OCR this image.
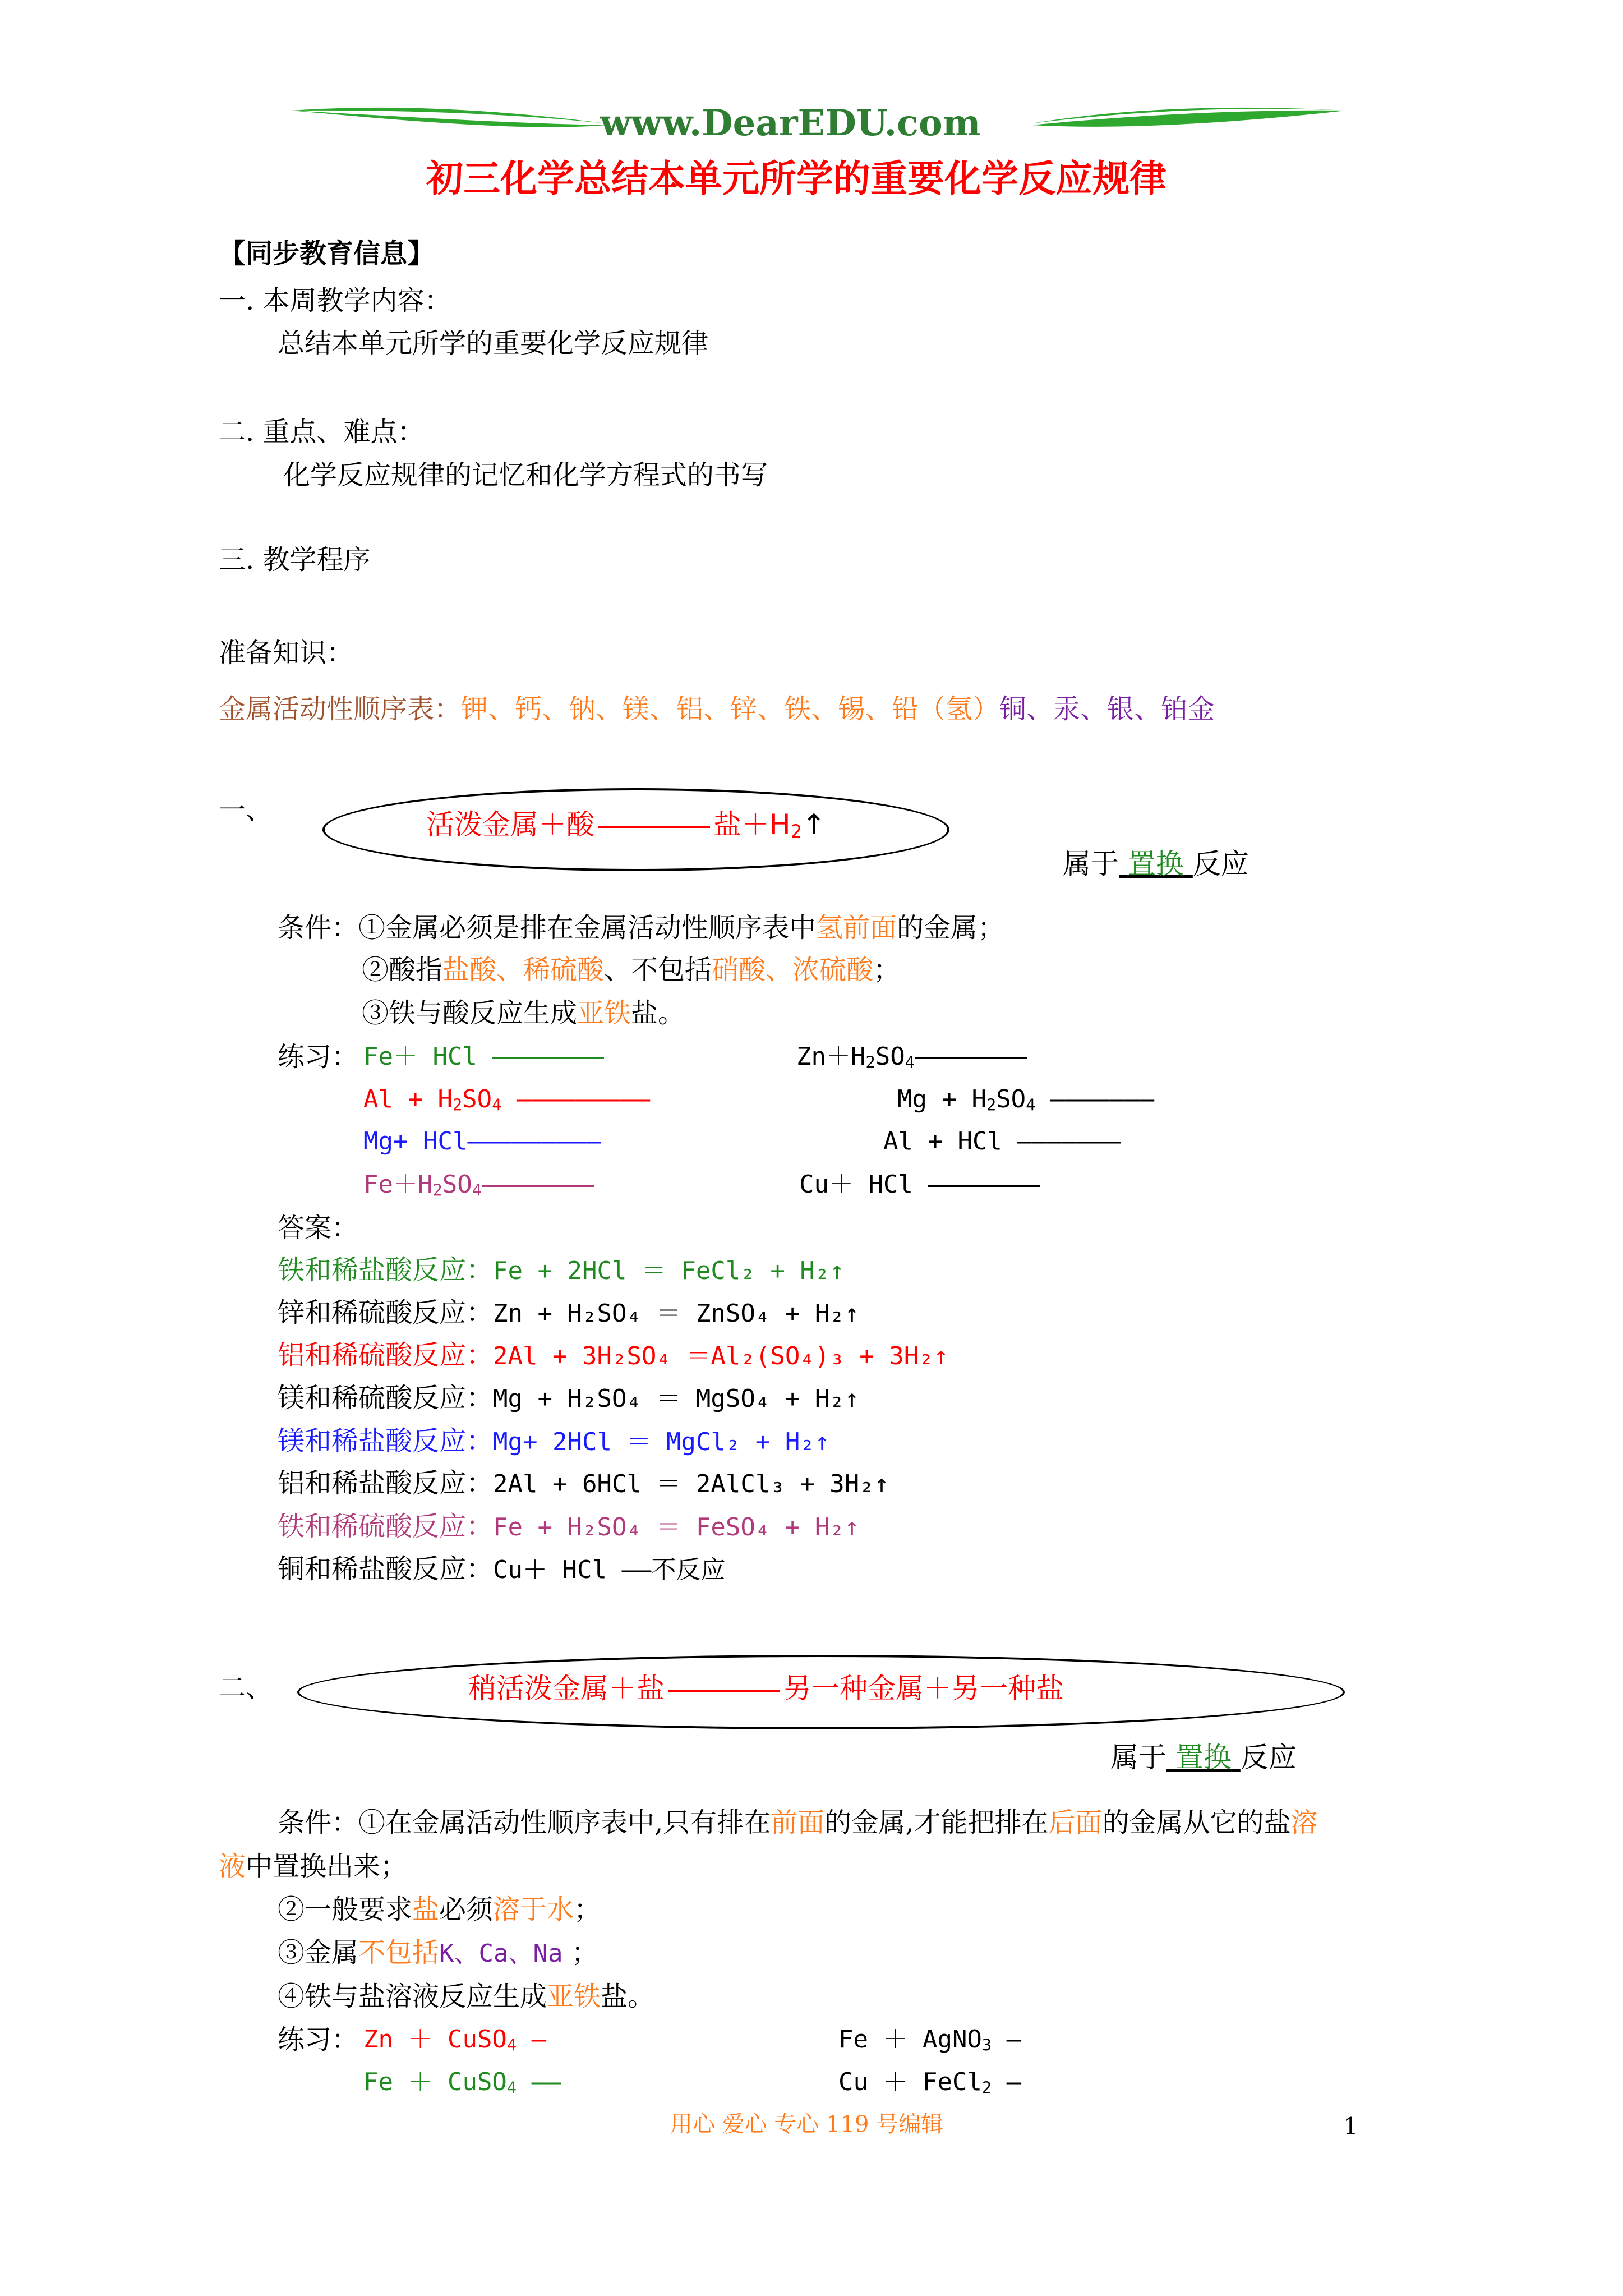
www.DearEDU.com
初三化学总结本单元所学的重要化学反应规律
【同步教育信息】
一. 本周教学内容：
总结本单元所学的重要化学反应规律
二. 重点、难点：
化学反应规律的记忆和化学方程式的书写
三. 教学程序
准备知识：
金属活动性顺序表：钾、钙、钠、镁、铝、锌、铁、锡、铅（氢）铜、汞、银、铂金
一、	活泼金属＋酸	盐$+H_2↑$
属于 置换 反应
条件：①金属必须是排在金属活动性顺序表中氢前面的金属；
②酸指盐酸、稀硫酸、不包括硝酸、浓硫酸；
③铁与酸反应生成亚铁盐。
练习： Fe＋ HCl	$Zn+H_2SO_4$
$Al + H_2SO_4$ —————————	$Mg + H_2SO_4$ ———————
Mg+ HCl—————————	Al + HCl ———————
$Fe+H_2SO_4$	Cu＋ HCl
答案：
铁和稀盐酸反应：Fe + 2HCl ＝ FeCl₂ + H₂↑
锌和稀硫酸反应：Zn + H₂SO₄ ＝ ZnSO₄ + H₂↑
铝和稀硫酸反应：2Al + 3H₂SO₄ ＝Al₂(SO₄)₃ + 3H₂↑
镁和稀硫酸反应：Mg + H₂SO₄ ＝ MgSO₄ + H₂↑
镁和稀盐酸反应：Mg+ 2HCl ＝ MgCl₂ + H₂↑
铝和稀盐酸反应：2Al + 6HCl ＝ 2AlCl₃ + 3H₂↑
铁和稀硫酸反应：Fe + H₂SO₄ ＝ FeSO₄ + H₂↑
铜和稀盐酸反应：Cu＋ HCl ——不反应
二、	稍活泼金属＋盐	另一种金属＋另一种盐
属于 置换 反应
条件：①在金属活动性顺序表中,只有排在前面的金属,才能把排在后面的金属从它的盐溶
液中置换出来；
②一般要求盐必须溶于水；
③金属不包括K、Ca、Na ；
④铁与盐溶液反应生成亚铁盐。
练习： Zn ＋ CuSO$_4$ —	Fe ＋ AgNO$_3$ —
Fe ＋ CuSO$_4$ ——	Cu ＋ FeCl$_2$ —
用心 爱心 专心 119 号编辑	1
